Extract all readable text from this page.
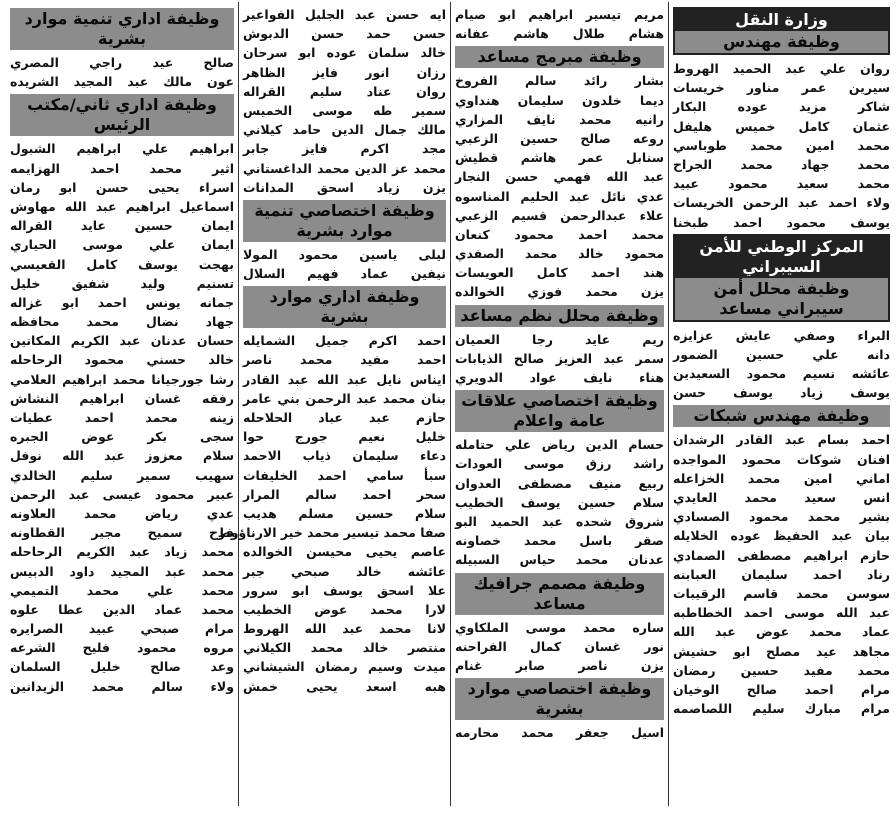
وزارة النقل
وظيفة مهندس
روان علي عبد الحميد الهروط
سيرين عمر مناور خريسات
شاكر مزيد عوده البكار
عثمان كامل خميس هليفل
محمد امين محمد طوباسي
محمد جهاد محمد الجراح
محمد سعيد محمود عبيد
ولاء احمد عبد الرحمن الخريسات
يوسف محمود احمد طبخنا
المركز الوطني للأمن السيبراني
وظيفة محلل أمن سيبراني مساعد
البراء وصفي عايش عزايزه
دانه علي حسين الضمور
عائشه نسيم محمود السعيدين
يوسف زياد يوسف حسن
وظيفة مهندس شبكات
احمد بسام عبد القادر الرشدان
افنان شوكات محمود المواجده
اماني امين محمد الخزاعله
انس سعيد محمد العايدي
بشير محمد محمود الصسادي
بيان عبد الحفيظ عوده الخلايله
حازم ابراهيم مصطفى الصمادي
رناد احمد سليمان العبابنه
سوسن محمد قاسم الرقيبات
عبد الله موسى احمد الخطاطبه
عماد محمد عوض عبد الله
مجاهد عيد مصلح ابو حشيش
محمد مفيد حسين رمضان
مرام احمد صالح الوخيان
مرام مبارك سليم اللصاصمه
مريم تيسير ابراهيم ابو صيام
هشام طلال هاشم عفانه
وظيفة مبرمج مساعد
بشار رائد سالم الفروخ
ديما خلدون سليمان هنداوي
رانيه محمد نايف المزاري
روعه صالح حسين الزعبي
سنابل عمر هاشم قطيش
عبد الله فهمي حسن النجار
عدي نائل عبد الحليم المناسوه
علاء عبدالرحمن قسيم الزعبي
محمد احمد محمود كنعان
محمود خالد محمد الصفدي
هند احمد كامل العويسات
يزن محمد فوزي الخوالده
وظيفة محلل نظم مساعد
ريم عايد رجا العميان
سمر عبد العزيز صالح الذيابات
هناء نايف عواد الدويري
وظيفة اختصاصي علاقات عامة واعلام
حسام الدين رياض علي حتامله
راشد رزق موسى العودات
ربيع منيف مصطفى العدوان
سلام حسين يوسف الخطيب
شروق شحده عبد الحميد البو
صقر باسل محمد خصاونه
عدنان محمد حياس السبيله
وظيفة مصمم جرافيك مساعد
ساره محمد موسى الملكاوي
نور غسان كمال الفراحنه
يزن ناصر صابر غنام
وظيفة اختصاصي موارد بشرية
اسيل جعفر محمد محارمه
ايه حسن عبد الجليل الفواعير
حسن حمد حسن الدبوش
خالد سلمان عوده ابو سرحان
رزان انور فايز الظاهر
روان عناد سليم القراله
سمير طه موسى الخميس
مالك جمال الدين حامد كيلاني
مجد اكرم فايز جابر
محمد عز الدين محمد الداغستاني
يزن زياد اسحق المدانات
وظيفة اختصاصي تنمية موارد بشرية
ليلى ياسين محمود المولا
نيفين عماد فهيم السلال
وظيفة اداري موارد بشرية
احمد اكرم جميل الشمايله
احمد مفيد محمد ناصر
ايناس نايل عبد الله عبد القادر
بنان محمد عبد الرحمن بني عامر
حازم عبد عباد الحلاحله
خليل نعيم جورج حوا
دعاء سليمان ذياب الاحمد
سبأ سامي احمد الخليفات
سحر احمد سالم المرار
سلام حسين مسلم هديب
صفا محمد تيسير محمد خير الارناؤوط
عاصم يحيى محيسن الخوالده
عائشه خالد صبحي جبر
علا اسحق يوسف ابو سرور
لارا محمد عوض الخطيب
لانا محمد عبد الله الهروط
منتصر خالد محمد الكيلاني
ميدت وسيم رمضان الشيشاني
هبه اسعد يحيى خمش
وظيفة اداري تنمية موارد بشرية
صالح عيد راجي المصري
عون مالك عبد المجيد الشريده
وظيفة اداري ثاني/مكتب الرئيس
ابراهيم علي ابراهيم الشبول
اثير محمد احمد الهزايمه
اسراء يحيى حسن ابو رمان
اسماعيل ابراهيم عبد الله مهاوش
ايمان حسين عايد القراله
ايمان علي موسى الحياري
بهجت يوسف كامل القعيسي
تسنيم وليد شفيق خليل
جمانه يونس احمد ابو غزاله
جهاد نضال محمد محافظه
حسان عدنان عبد الكريم المكانين
خالد حسني محمود الرحاحله
رشا جورجيانا محمد ابراهيم العلامي
رفقه غسان ابراهيم النشاش
زينه محمد احمد عطيات
سجى بكر عوض الجبره
سلام معزوز عبد الله نوفل
سهيب سمير سليم الخالدي
عبير محمود عيسى عبد الرحمن
عدي رياض محمد العلاونه
فرح سميح مجير القطاونه
محمد زياد عبد الكريم الرحاحله
محمد عبد المجيد داود الدبيس
محمد علي محمد التميمي
محمد عماد الدين عطا علوه
مرام صبحي عبيد الصرايره
مروه محمود فليح الشرعه
وعد صالح خليل السلمان
ولاء سالم محمد الزيدانين
